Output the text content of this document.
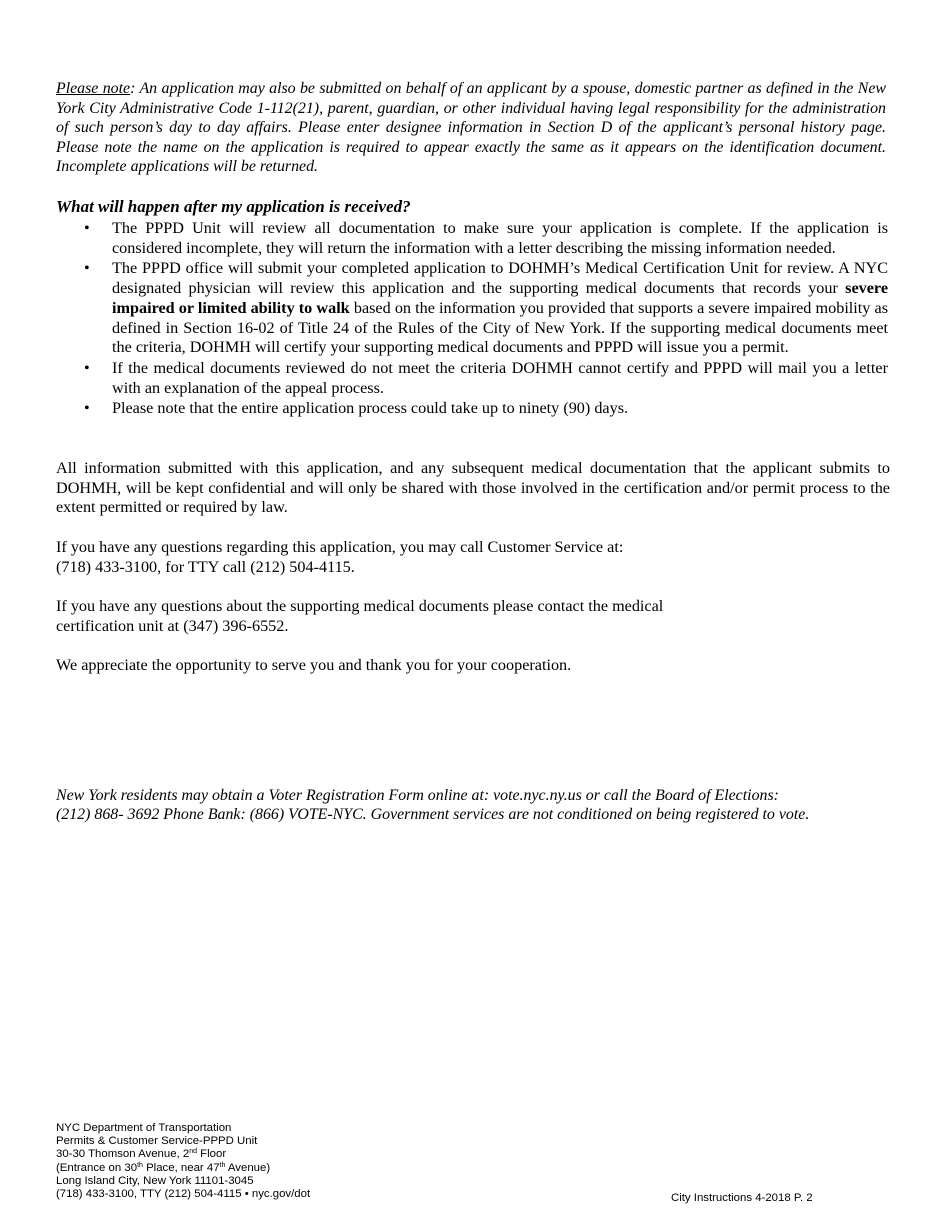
Please note: An application may also be submitted on behalf of an applicant by a spouse, domestic partner as defined in the New York City Administrative Code 1-112(21), parent, guardian, or other individual having legal responsibility for the administration of such person’s day to day affairs. Please enter designee information in Section D of the applicant’s personal history page. Please note the name on the application is required to appear exactly the same as it appears on the identification document. Incomplete applications will be returned.
What will happen after my application is received?
• The PPPD Unit will review all documentation to make sure your application is complete. If the application is considered incomplete, they will return the information with a letter describing the missing information needed.
• The PPPD office will submit your completed application to DOHMH’s Medical Certification Unit for review. A NYC designated physician will review this application and the supporting medical documents that records your severe impaired or limited ability to walk based on the information you provided that supports a severe impaired mobility as defined in Section 16-02 of Title 24 of the Rules of the City of New York. If the supporting medical documents meet the criteria, DOHMH will certify your supporting medical documents and PPPD will issue you a permit.
• If the medical documents reviewed do not meet the criteria DOHMH cannot certify and PPPD will mail you a letter with an explanation of the appeal process.
• Please note that the entire application process could take up to ninety (90) days.
All information submitted with this application, and any subsequent medical documentation that the applicant submits to DOHMH, will be kept confidential and will only be shared with those involved in the certification and/or permit process to the extent permitted or required by law.
If you have any questions regarding this application, you may call Customer Service at:
(718) 433-3100, for TTY call (212) 504-4115.
If you have any questions about the supporting medical documents please contact the medical
certification unit at (347) 396-6552.
We appreciate the opportunity to serve you and thank you for your cooperation.
New York residents may obtain a Voter Registration Form online at: vote.nyc.ny.us or call the Board of Elections:
(212) 868- 3692 Phone Bank: (866) VOTE-NYC. Government services are not conditioned on being registered to vote.
NYC Department of Transportation
Permits & Customer Service-PPPD Unit
30-30 Thomson Avenue, 2nd Floor
(Entrance on 30th Place, near 47th Avenue)
Long Island City, New York 11101-3045
(718) 433-3100, TTY (212) 504-4115 • nyc.gov/dot	City Instructions 4-2018 P. 2
